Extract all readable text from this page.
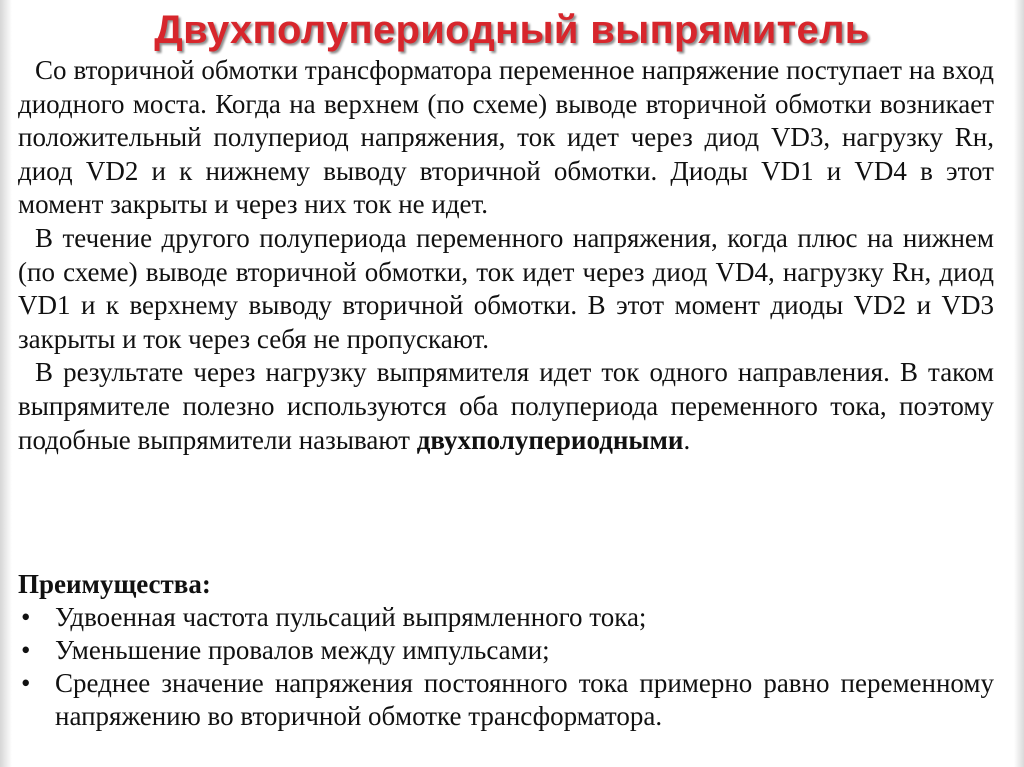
Двухполупериодный выпрямитель

Со вторичной обмотки трансформатора переменное напряжение поступает на вход диодного моста. Когда на верхнем (по схеме) выводе вторичной обмотки возникает положительный полупериод напряжения, ток идет через диод VD3, нагрузку Rн, диод VD2 и к нижнему выводу вторичной обмотки. Диоды VD1 и VD4 в этот момент закрыты и через них ток не идет.

В течение другого полупериода переменного напряжения, когда плюс на нижнем (по схеме) выводе вторичной обмотки, ток идет через диод VD4, нагрузку Rн, диод VD1 и к верхнему выводу вторичной обмотки. В этот момент диоды VD2 и VD3 закрыты и ток через себя не пропускают.

В результате через нагрузку выпрямителя идет ток одного направления. В таком выпрямителе полезно используются оба полупериода переменного тока, поэтому подобные выпрямители называют двухполупериодными.

Преимущества:

• Удвоенная частота пульсаций выпрямленного тока;
• Уменьшение провалов между импульсами;
• Среднее значение напряжения постоянного тока примерно равно переменному напряжению во вторичной обмотке трансформатора.
